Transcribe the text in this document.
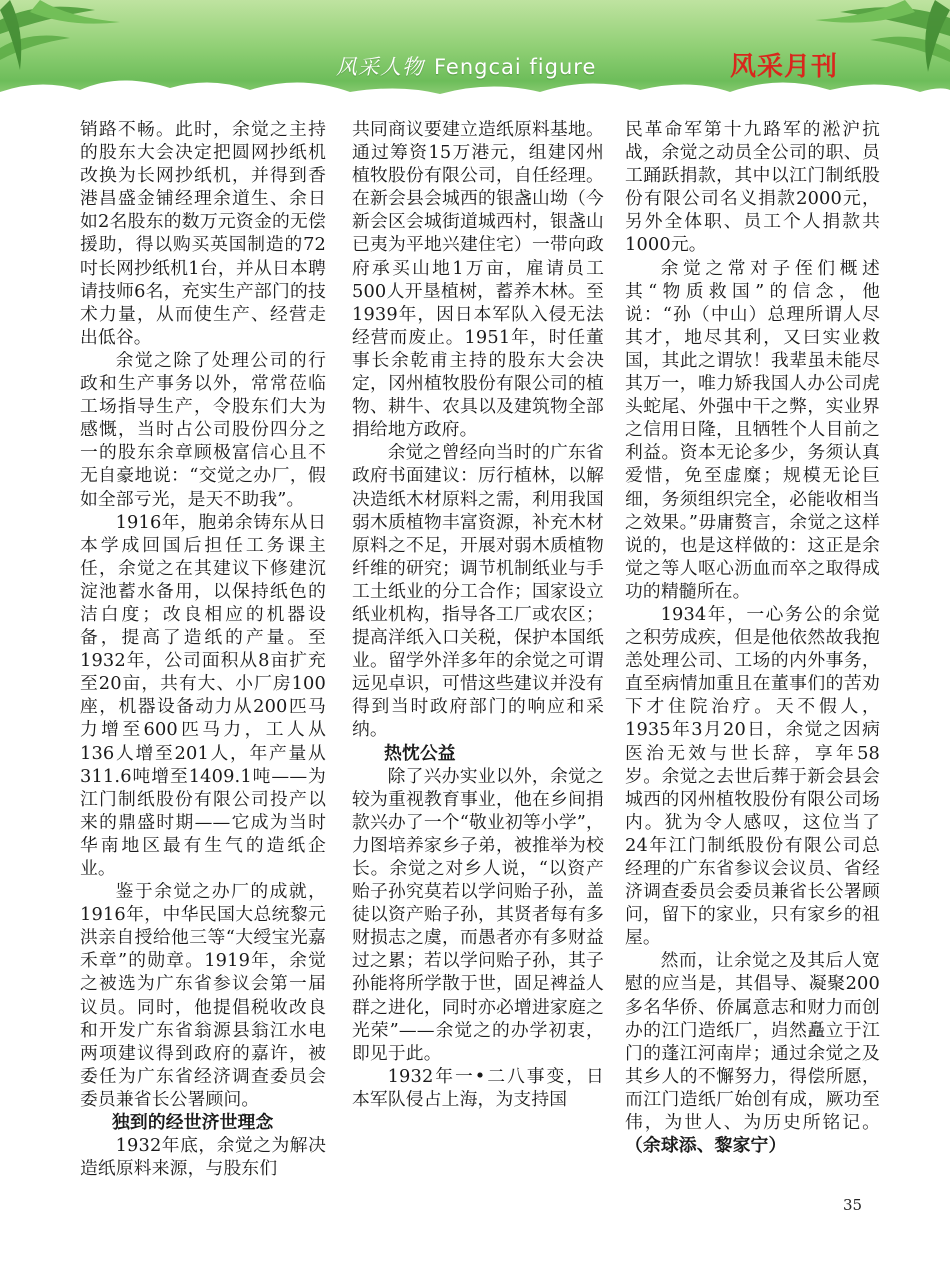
风采人物 Fengcai figure	风采月刊

销路不畅。此时，余觉之主持的股东大会决定把圆网抄纸机改换为长网抄纸机，并得到香港昌盛金铺经理余道生、余日如2名股东的数万元资金的无偿援助，得以购买英国制造的72吋长网抄纸机1台，并从日本聘请技师6名，充实生产部门的技术力量，从而使生产、经营走出低谷。

余觉之除了处理公司的行政和生产事务以外，常常莅临工场指导生产，令股东们大为感慨，当时占公司股份四分之一的股东余章顾极富信心且不无自豪地说：“交觉之办厂，假如全部亏光，是天不助我”。

1916年，胞弟余铸东从日本学成回国后担任工务课主任，余觉之在其建议下修建沉淀池蓄水备用，以保持纸色的洁白度；改良相应的机器设备，提高了造纸的产量。至1932年，公司面积从8亩扩充至20亩，共有大、小厂房100座，机器设备动力从200匹马力增至600匹马力，工人从136人增至201人，年产量从311.6吨增至1409.1吨——为江门制纸股份有限公司投产以来的鼎盛时期——它成为当时华南地区最有生气的造纸企业。

鉴于余觉之办厂的成就，1916年，中华民国大总统黎元洪亲自授给他三等“大绶宝光嘉禾章”的勋章。1919年，余觉之被选为广东省参议会第一届议员。同时，他提倡税收改良和开发广东省翁源县翁江水电两项建议得到政府的嘉许，被委任为广东省经济调查委员会委员兼省长公署顾问。

独到的经世济世理念

1932年底，余觉之为解决造纸原料来源，与股东们

共同商议要建立造纸原料基地。通过筹资15万港元，组建冈州植牧股份有限公司，自任经理。在新会县会城西的银盏山坳（今新会区会城街道城西村，银盏山已夷为平地兴建住宅）一带向政府承买山地1万亩，雇请员工500人开垦植树，蓄养木林。至1939年，因日本军队入侵无法经营而废止。1951年，时任董事长余乾甫主持的股东大会决定，冈州植牧股份有限公司的植物、耕牛、农具以及建筑物全部捐给地方政府。

余觉之曾经向当时的广东省政府书面建议：厉行植林，以解决造纸木材原料之需，利用我国弱木质植物丰富资源，补充木材原料之不足，开展对弱木质植物纤维的研究；调节机制纸业与手工土纸业的分工合作；国家设立纸业机构，指导各工厂或农区；提高洋纸入口关税，保护本国纸业。留学外洋多年的余觉之可谓远见卓识，可惜这些建议并没有得到当时政府部门的响应和采纳。

热忱公益

除了兴办实业以外，余觉之较为重视教育事业，他在乡间捐款兴办了一个“敬业初等小学”，力图培养家乡子弟，被推举为校长。余觉之对乡人说，“以资产贻子孙究莫若以学问贻子孙，盖徒以资产贻子孙，其贤者每有多财损志之虞，而愚者亦有多财益过之累；若以学问贻子孙，其子孙能将所学散于世，固足裨益人群之进化，同时亦必增进家庭之光荣”——余觉之的办学初衷，即见于此。

1932年一•二八事变，日本军队侵占上海，为支持国

民革命军第十九路军的淞沪抗战，余觉之动员全公司的职、员工踊跃捐款，其中以江门制纸股份有限公司名义捐款2000元，另外全体职、员工个人捐款共1000元。

余觉之常对子侄们概述其“物质救国”的信念，他说：“孙（中山）总理所谓人尽其才，地尽其利，又曰实业救国，其此之谓欤！我辈虽未能尽其万一，唯力矫我国人办公司虎头蛇尾、外强中干之弊，实业界之信用日隆，且牺牲个人目前之利益。资本无论多少，务须认真爱惜，免至虚糜；规模无论巨细，务须组织完全，必能收相当之效果。”毋庸赘言，余觉之这样说的，也是这样做的：这正是余觉之等人呕心沥血而卒之取得成功的精髓所在。

1934年，一心务公的余觉之积劳成疾，但是他依然故我抱恙处理公司、工场的内外事务，直至病情加重且在董事们的苦劝下才住院治疗。天不假人，1935年3月20日，余觉之因病医治无效与世长辞，享年58岁。余觉之去世后葬于新会县会城西的冈州植牧股份有限公司场内。犹为令人感叹，这位当了24年江门制纸股份有限公司总经理的广东省参议会议员、省经济调查委员会委员兼省长公署顾问，留下的家业，只有家乡的祖屋。

然而，让余觉之及其后人宽慰的应当是，其倡导、凝聚200多名华侨、侨属意志和财力而创办的江门造纸厂，岿然矗立于江门的蓬江河南岸；通过余觉之及其乡人的不懈努力，得偿所愿，而江门造纸厂始创有成，厥功至伟，为世人、为历史所铭记。（余球添、黎家宁）

35
